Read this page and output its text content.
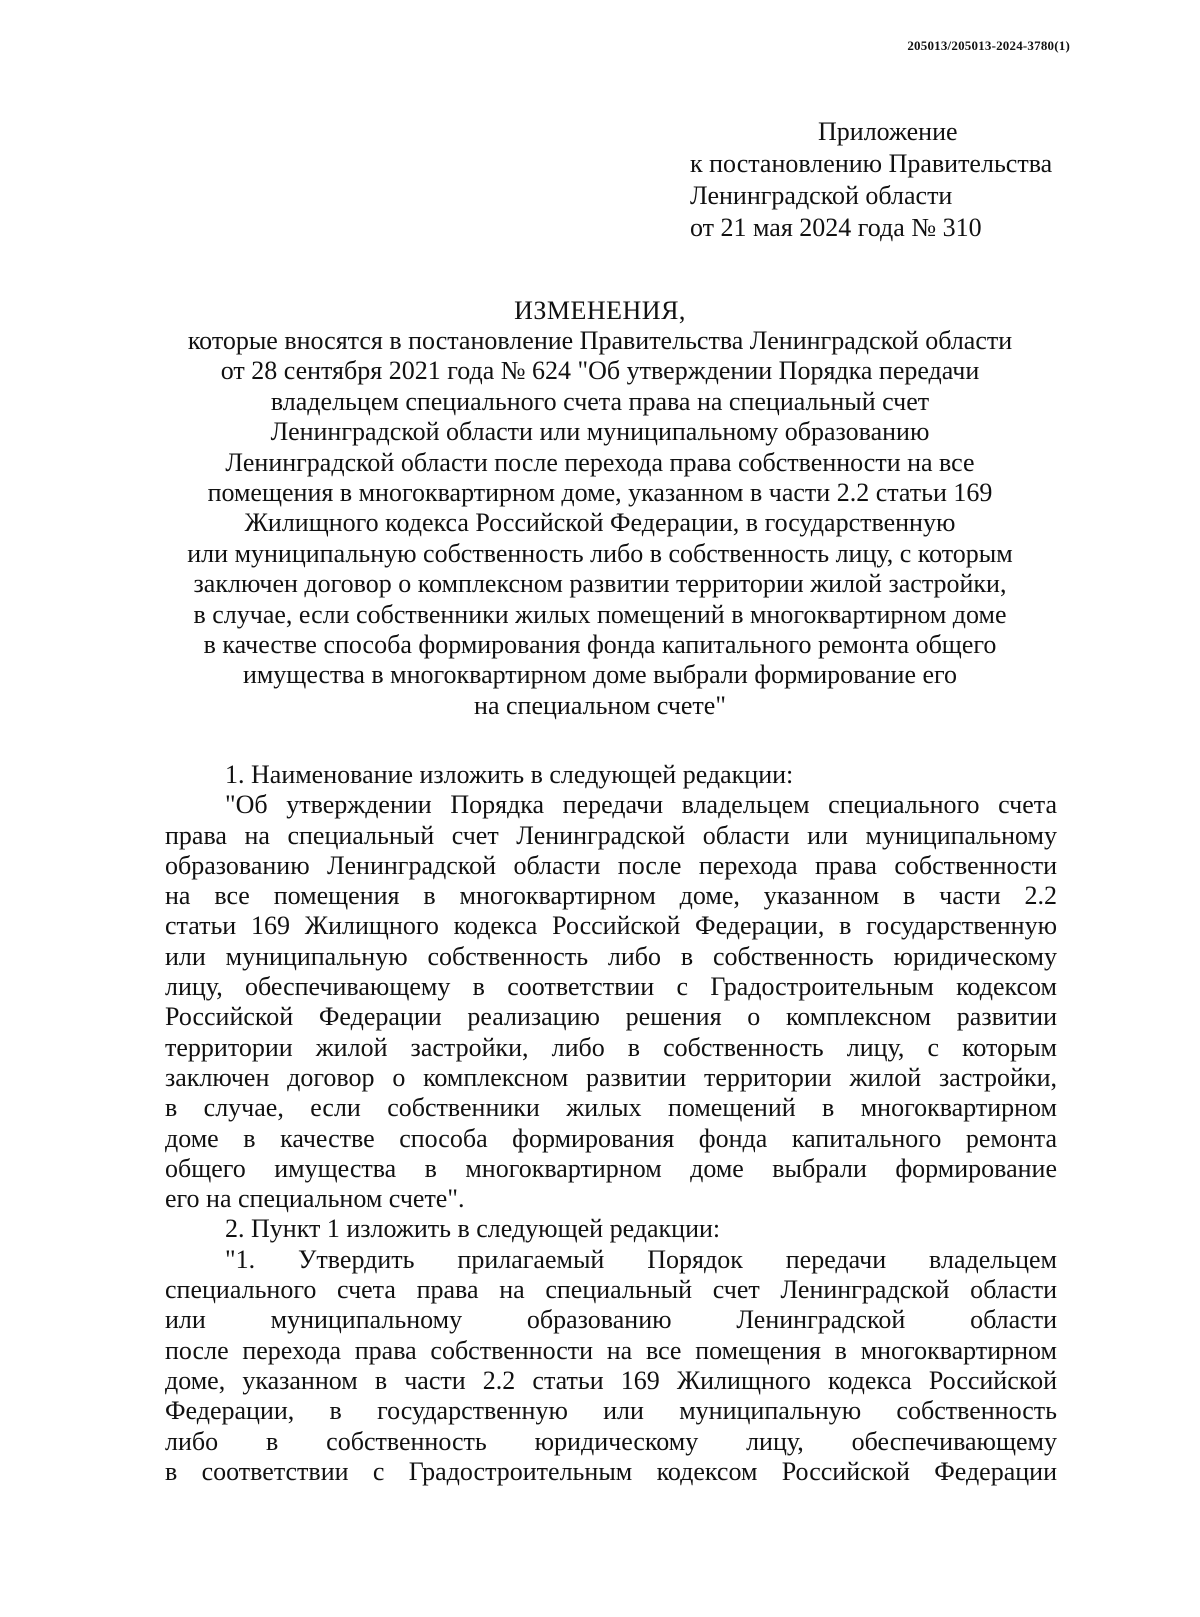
205013/205013-2024-3780(1)
Приложение
к постановлению Правительства
Ленинградской области
от 21 мая 2024 года № 310
ИЗМЕНЕНИЯ,
которые вносятся в постановление Правительства Ленинградской области
от 28 сентября 2021 года № 624 "Об утверждении Порядка передачи
владельцем специального счета права на специальный счет
Ленинградской области или муниципальному образованию
Ленинградской области после перехода права собственности на все
помещения в многоквартирном доме, указанном в части 2.2 статьи 169
Жилищного кодекса Российской Федерации, в государственную
или муниципальную собственность либо в собственность лицу, с которым
заключен договор о комплексном развитии территории жилой застройки,
в случае, если собственники жилых помещений в многоквартирном доме
в качестве способа формирования фонда капитального ремонта общего
имущества в многоквартирном доме выбрали формирование его
на специальном счете"

1. Наименование изложить в следующей редакции:

"Об утверждении Порядка передачи владельцем специального счета
права на специальный счет Ленинградской области или муниципальному
образованию Ленинградской области после перехода права собственности
на все помещения в многоквартирном доме, указанном в части 2.2
статьи 169 Жилищного кодекса Российской Федерации, в государственную
или муниципальную собственность либо в собственность юридическому
лицу, обеспечивающему в соответствии с Градостроительным кодексом
Российской Федерации реализацию решения о комплексном развитии
территории жилой застройки, либо в собственность лицу, с которым
заключен договор о комплексном развитии территории жилой застройки,
в случае, если собственники жилых помещений в многоквартирном
доме в качестве способа формирования фонда капитального ремонта
общего имущества в многоквартирном доме выбрали формирование
его на специальном счете".

2. Пункт 1 изложить в следующей редакции:

"1. Утвердить прилагаемый Порядок передачи владельцем
специального счета права на специальный счет Ленинградской области
или муниципальному образованию Ленинградской области
после перехода права собственности на все помещения в многоквартирном
доме, указанном в части 2.2 статьи 169 Жилищного кодекса Российской
Федерации, в государственную или муниципальную собственность
либо в собственность юридическому лицу, обеспечивающему
в соответствии с Градостроительным кодексом Российской Федерации
